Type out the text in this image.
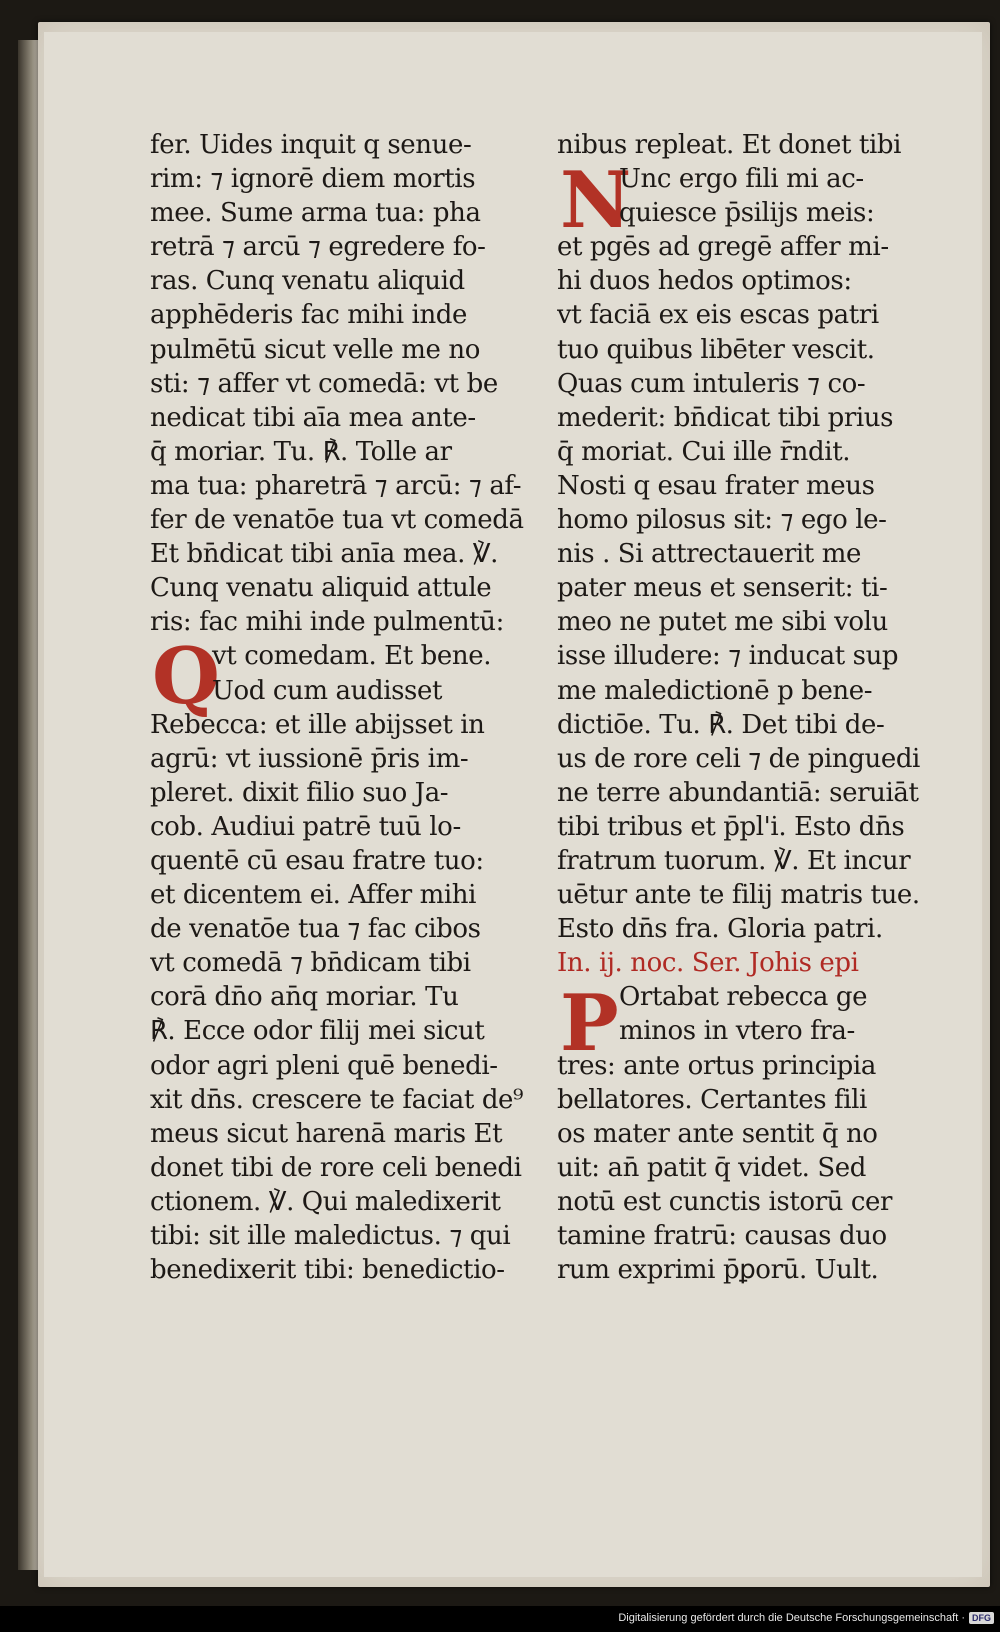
Q
N
P
fer. Uides inquit q senue-
rim: ⁊ ignorē diem mortis
mee. Sume arma tua: pha
retrā ⁊ arcū ⁊ egredere fo-
ras. Cunq venatu aliquid
apphēderis fac mihi inde
pulmētū sicut velle me no
sti: ⁊ affer vt comedā: vt be
nedicat tibi aīa mea ante-
q̄ moriar. Tu. ℟. Tolle ar
ma tua: pharetrā ⁊ arcū: ⁊ af-
fer de venatōe tua vt comedā
Et bn̄dicat tibi anīa mea. ℣.
Cunq venatu aliquid attule
ris: fac mihi inde pulmentū:
vt comedam. Et bene.
Uod cum audisset
Rebecca: et ille abijsset in
agrū: vt iussionē p̄ris im-
pleret. dixit filio suo Ja-
cob. Audiui patrē tuū lo-
quentē cū esau fratre tuo:
et dicentem ei. Affer mihi
de venatōe tua ⁊ fac cibos
vt comedā ⁊ bn̄dicam tibi
corā dn̄o an̄q moriar. Tu
℟. Ecce odor filij mei sicut
odor agri pleni quē benedi-
xit dn̄s. crescere te faciat de⁹
meus sicut harenā maris Et
donet tibi de rore celi benedi
ctionem. ℣. Qui maledixerit
tibi: sit ille maledictus. ⁊ qui
benedixerit tibi: benedictio-
nibus repleat. Et donet tibi
Unc ergo fili mi ac-
quiesce p̄silijs meis:
et pgēs ad gregē affer mi-
hi duos hedos optimos:
vt faciā ex eis escas patri
tuo quibus libēter vescit.
Quas cum intuleris ⁊ co-
mederit: bn̄dicat tibi prius
q̄ moriat. Cui ille r̄ndit.
Nosti q esau frater meus
homo pilosus sit: ⁊ ego le-
nis . Si attrectauerit me
pater meus et senserit: ti-
meo ne putet me sibi volu
isse illudere: ⁊ inducat sup
me maledictionē p bene-
dictiōe. Tu. ℟. Det tibi de-
us de rore celi ⁊ de pinguedi
ne terre abundantiā: seruiāt
tibi tribus et p̄pl'i. Esto dn̄s
fratrum tuorum. ℣. Et incur
uētur ante te filij matris tue.
Esto dn̄s fra. Gloria patri.
In. ij. noc. Ser. Johis epi
Ortabat rebecca ge
minos in vtero fra-
tres: ante ortus principia
bellatores. Certantes fili
os mater ante sentit q̄ no
uit: an̄ patit q̄ videt. Sed
notū est cunctis istorū cer
tamine fratrū: causas duo
rum exprimi p̄ꝑorū. Uult.
Digitalisierung gefördert durch die Deutsche Forschungsgemeinschaft · DFG
